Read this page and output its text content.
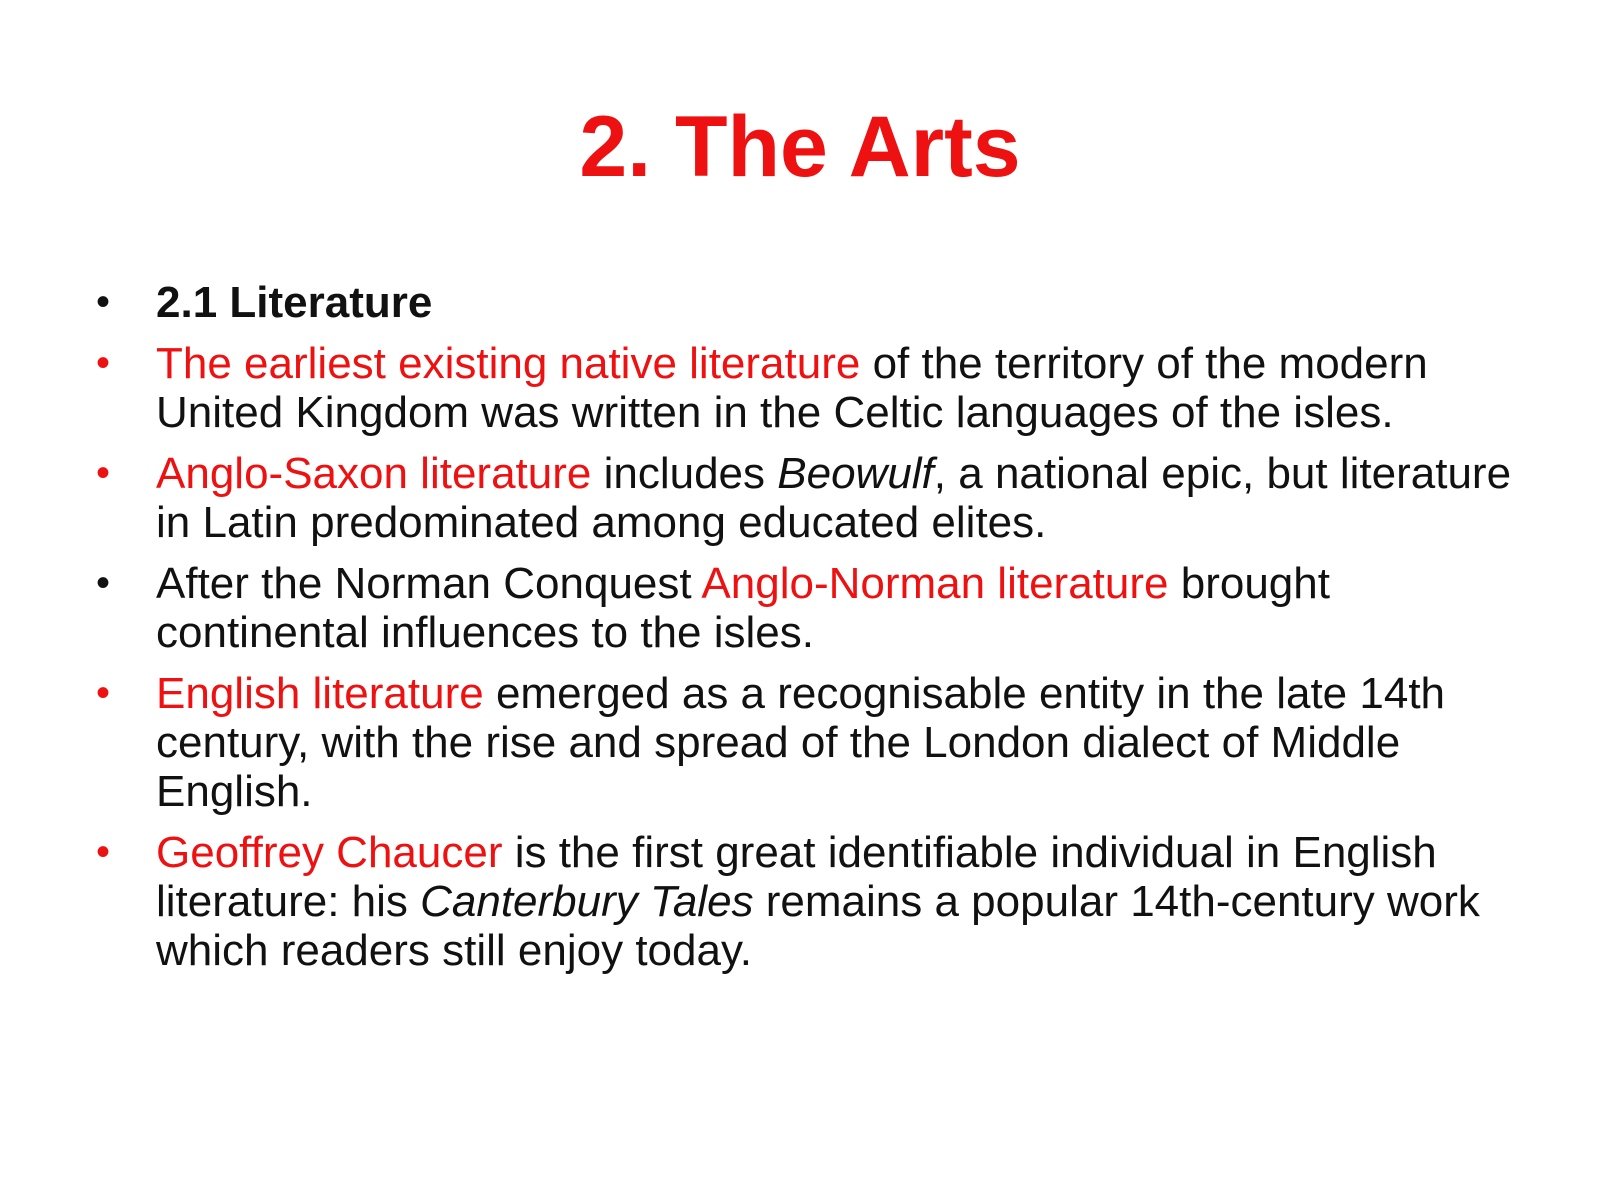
2. The Arts
• 2.1 Literature
• The earliest existing native literature of the territory of the modern United Kingdom was written in the Celtic languages of the isles.
• Anglo-Saxon literature includes Beowulf, a national epic, but literature in Latin predominated among educated elites.
• After the Norman Conquest Anglo-Norman literature brought continental influences to the isles.
• English literature emerged as a recognisable entity in the late 14th century, with the rise and spread of the London dialect of Middle English.
• Geoffrey Chaucer is the first great identifiable individual in English literature: his Canterbury Tales remains a popular 14th-century work which readers still enjoy today.
